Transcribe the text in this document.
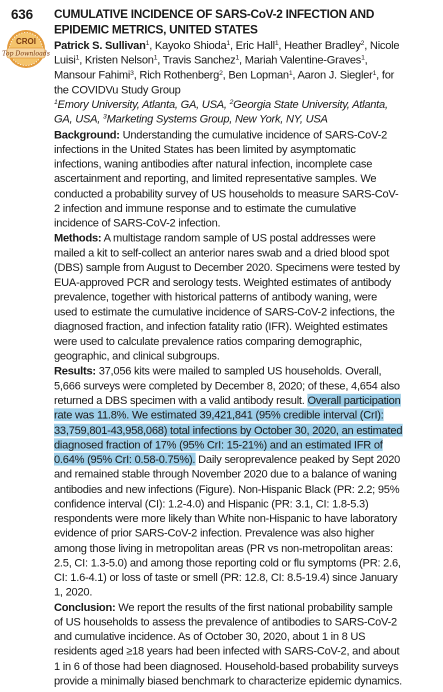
636
CROI
Top Downloads
CUMULATIVE INCIDENCE OF SARS-CoV-2 INFECTION AND EPIDEMIC METRICS, UNITED STATES

Patrick S. Sullivan$^1$, Kayoko Shioda$^1$, Eric Hall$^1$, Heather Bradley$^2$, Nicole Luisi$^1$, Kristen Nelson$^1$, Travis Sanchez$^1$, Mariah Valentine-Graves$^1$, Mansour Fahimi$^3$, Rich Rothenberg$^2$, Ben Lopman$^1$, Aaron J. Siegler$^1$, for the COVIDVu Study Group

$^1$Emory University, Atlanta, GA, USA, $^2$Georgia State University, Atlanta, GA, USA, $^3$Marketing Systems Group, New York, NY, USA

Background: Understanding the cumulative incidence of SARS-CoV-2 infections in the United States has been limited by asymptomatic infections, waning antibodies after natural infection, incomplete case ascertainment and reporting, and limited representative samples. We conducted a probability survey of US households to measure SARS-CoV-2 infection and immune response and to estimate the cumulative incidence of SARS-CoV-2 infection.

Methods: A multistage random sample of US postal addresses were mailed a kit to self-collect an anterior nares swab and a dried blood spot (DBS) sample from August to December 2020. Specimens were tested by EUA-approved PCR and serology tests. Weighted estimates of antibody prevalence, together with historical patterns of antibody waning, were used to estimate the cumulative incidence of SARS-CoV-2 infections, the diagnosed fraction, and infection fatality ratio (IFR). Weighted estimates were used to calculate prevalence ratios comparing demographic, geographic, and clinical subgroups.

Results: 37,056 kits were mailed to sampled US households. Overall, 5,666 surveys were completed by December 8, 2020; of these, 4,654 also returned a DBS specimen with a valid antibody result. Overall participation rate was 11.8%. We estimated 39,421,841 (95% credible interval (CrI): 33,759,801-43,958,068) total infections by October 30, 2020, an estimated diagnosed fraction of 17% (95% CrI: 15-21%) and an estimated IFR of 0.64% (95% CrI: 0.58-0.75%). Daily seroprevalence peaked by Sept 2020 and remained stable through November 2020 due to a balance of waning antibodies and new infections (Figure). Non-Hispanic Black (PR: 2.2; 95% confidence interval (CI): 1.2-4.0) and Hispanic (PR: 3.1, CI: 1.8-5.3) respondents were more likely than White non-Hispanic to have laboratory evidence of prior SARS-CoV-2 infection. Prevalence was also higher among those living in metropolitan areas (PR vs non-metropolitan areas: 2.5, CI: 1.3-5.0) and among those reporting cold or flu symptoms (PR: 2.6, CI: 1.6-4.1) or loss of taste or smell (PR: 12.8, CI: 8.5-19.4) since January 1, 2020.

Conclusion: We report the results of the first national probability sample of US households to assess the prevalence of antibodies to SARS-CoV-2 and cumulative incidence. As of October 30, 2020, about 1 in 8 US residents aged ≥18 years had been infected with SARS-CoV-2, and about 1 in 6 of those had been diagnosed. Household-based probability surveys provide a minimally biased benchmark to characterize epidemic dynamics.
